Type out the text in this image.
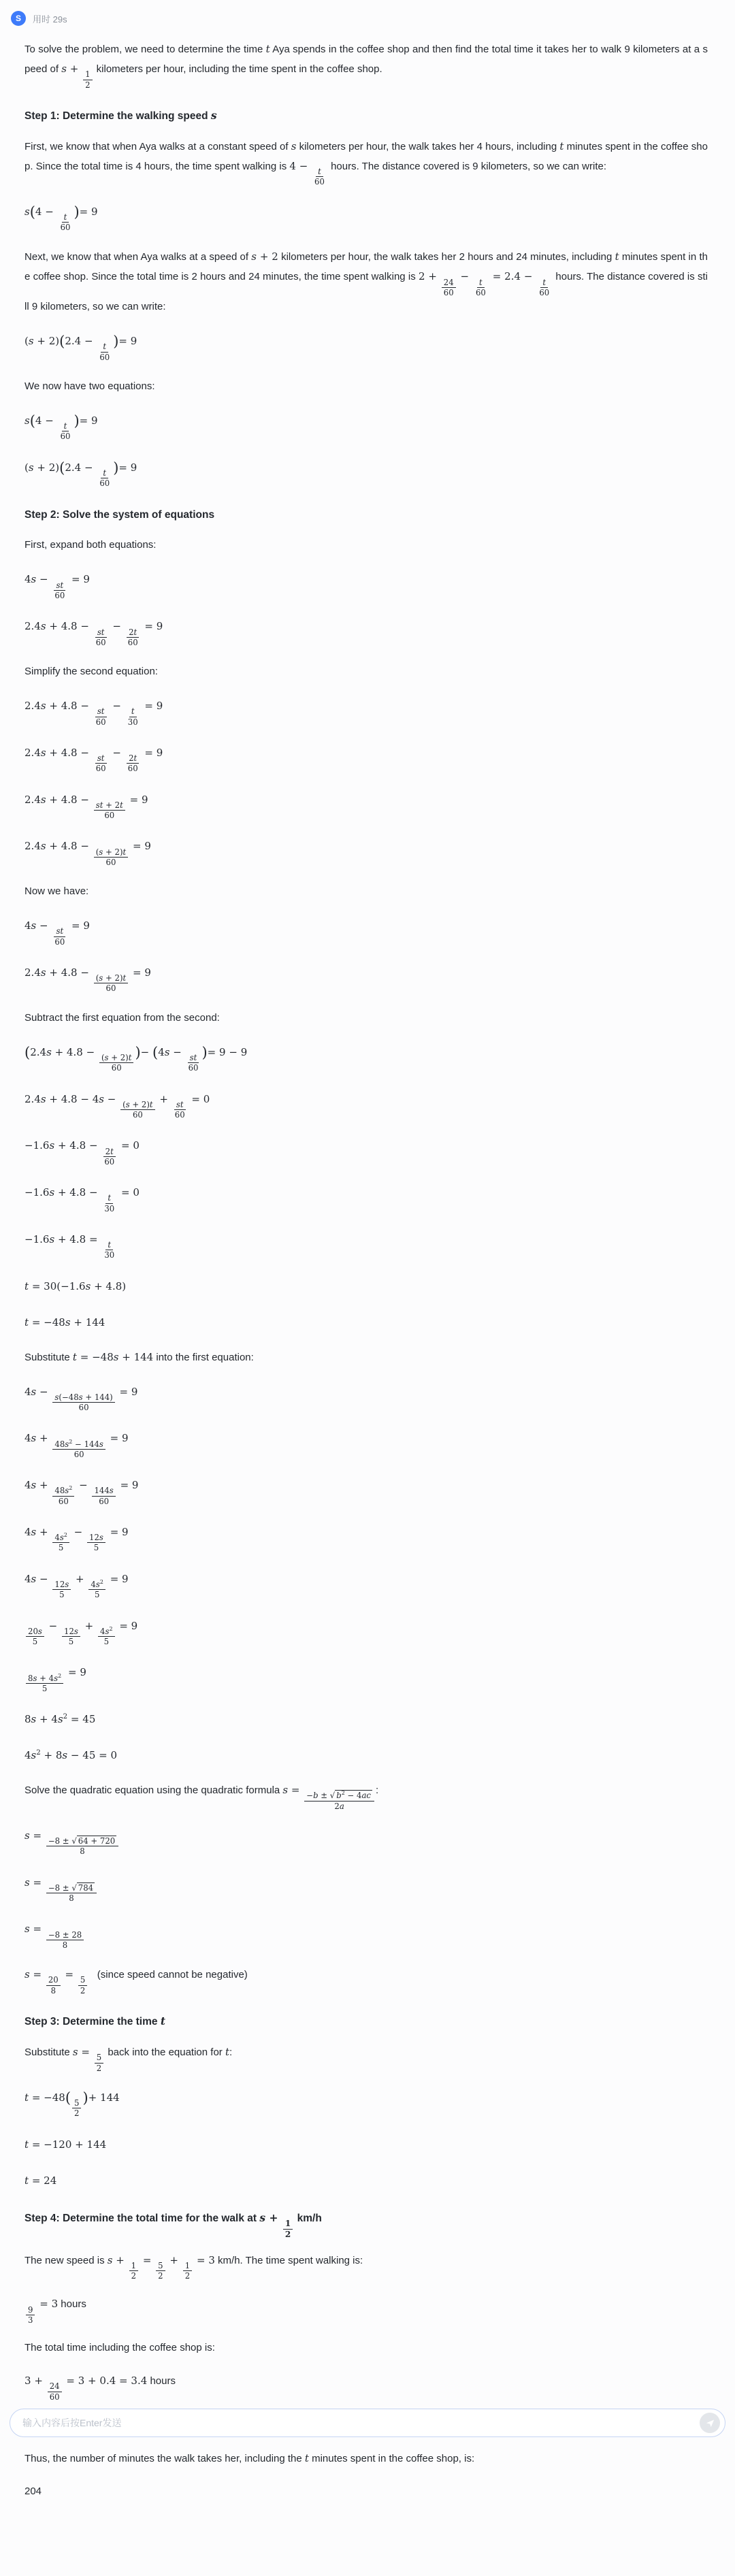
S	用时 29s
To solve the problem, we need to determine the time t Aya spends in the coffee shop and then find the total time it takes her to walk 9 kilometers at a speed of s +
$\frac{1}{2}$
kilometers per hour, including the time spent in the coffee shop.
Step 1: Determine the walking speed s
First, we know that when Aya walks at a constant speed of s kilometers per hour, the walk takes her 4 hours, including t minutes spent in the coffee shop. Since the total time is 4 hours, the time spent walking is 4 −
$\frac{t}{60}$
hours. The distance covered is 9 kilometers, so we can write:
s(4 −
$\frac{t}{60}$
)= 9
Next, we know that when Aya walks at a speed of s + 2 kilometers per hour, the walk takes her 2 hours and 24 minutes, including t minutes spent in the coffee shop. Since the total time is 2 hours and 24 minutes, the time spent walking is 2 +
$\frac{24}{60}$
−
$\frac{t}{60}$
= 2.4 −
$\frac{t}{60}$
hours. The distance covered is still 9 kilometers, so we can write:
(s + 2)(2.4 −
$\frac{t}{60}$
)= 9
We now have two equations:
s(4 −
$\frac{t}{60}$
)= 9
(s + 2)(2.4 −
$\frac{t}{60}$
)= 9
Step 2: Solve the system of equations
First, expand both equations:
4s −
$\frac{st}{60}$
= 9
2.4s + 4.8 −
$\frac{st}{60}$
−
$\frac{2t}{60}$
= 9
Simplify the second equation:
2.4s + 4.8 −
$\frac{st}{60}$
−
$\frac{t}{30}$
= 9
2.4s + 4.8 −
$\frac{st}{60}$
−
$\frac{2t}{60}$
= 9
2.4s + 4.8 −
$\frac{st + 2t}{60}$
= 9
2.4s + 4.8 −
$\frac{(s + 2)t}{60}$
= 9
Now we have:
4s −
$\frac{st}{60}$
= 9
2.4s + 4.8 −
$\frac{(s + 2)t}{60}$
= 9
Subtract the first equation from the second:
(2.4s + 4.8 −
$\frac{(s + 2)t}{60}$
)− (4s −
$\frac{st}{60}$
)= 9 − 9
2.4s + 4.8 − 4s −
$\frac{(s + 2)t}{60}$
+
$\frac{st}{60}$
= 0
−1.6s + 4.8 −
$\frac{2t}{60}$
= 0
−1.6s + 4.8 −
$\frac{t}{30}$
= 0
−1.6s + 4.8 =
$\frac{t}{30}$
t = 30(−1.6s + 4.8)
t = −48s + 144
Substitute t = −48s + 144 into the first equation:
4s −
$\frac{s(-48s + 144)}{60}$
= 9
4s +
$\frac{48s^2 - 144s}{60}$
= 9
4s +
$\frac{48s^2}{60}$
−
$\frac{144s}{60}$
= 9
4s +
$\frac{4s^2}{5}$
−
$\frac{12s}{5}$
= 9
4s −
$\frac{12s}{5}$
+
$\frac{4s^2}{5}$
= 9
$\frac{20s}{5}$
−
$\frac{12s}{5}$
+
$\frac{4s^2}{5}$
= 9
$\frac{8s + 4s^2}{5}$
= 9
$8s + 4s^2 = 45$
$4s^2 + 8s - 45 = 0$
Solve the quadratic equation using the quadratic formula s =
$\frac{-b \pm √ b^2 - 4ac}{2a}$
:
s =
$\frac{-8 \pm √ 64 + 720}{8}$
s =
$\frac{-8 \pm √ 784}{8}$
s =
$\frac{-8 \pm 28}{8}$
s =
$\frac{20}{8}$
=
$\frac{5}{2}$
(since speed cannot be negative)
Step 3: Determine the time t
Substitute s =
$\frac{5}{2}$
back into the equation for t:
t = −48(
$\frac{5}{2}$
)+ 144
t = −120 + 144
t = 24
Step 4: Determine the total time for the walk at s +
$\frac{1}{2}$
km/h
The new speed is s +
$\frac{1}{2}$
=
$\frac{5}{2}$
+
$\frac{1}{2}$
= 3 km/h. The time spent walking is:
$\frac{9}{3}$
= 3 hours
The total time including the coffee shop is:
3 +
$\frac{24}{60}$
= 3 + 0.4 = 3.4 hours
Thus, the number of minutes the walk takes her, including the t minutes spent in the coffee shop, is:
204
输入内容后按Enter发送
